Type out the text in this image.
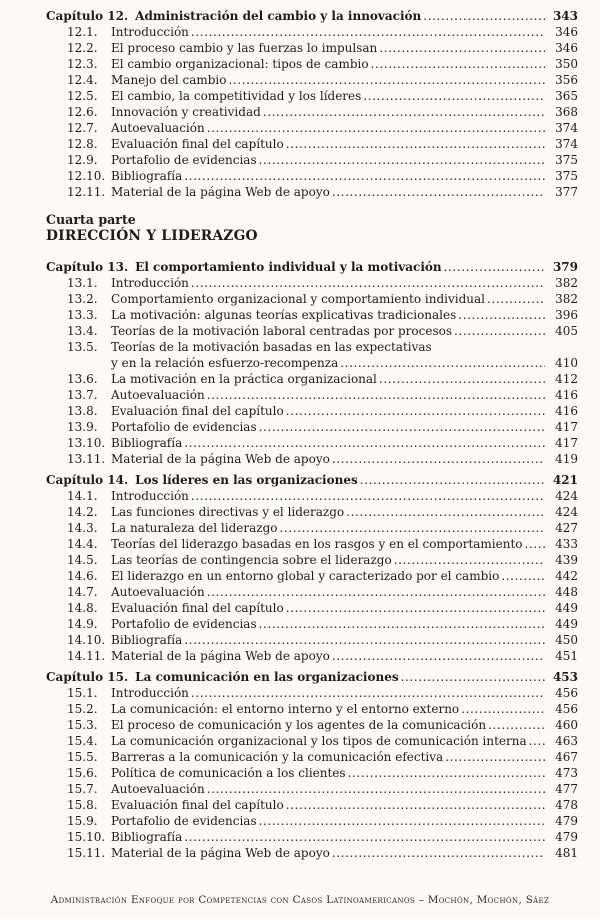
Capítulo 12. Administración del cambio y la innovación .....	343
12.1.	Introducción .....	346
12.2.	El proceso cambio y las fuerzas lo impulsan .....	346
12.3.	El cambio organizacional: tipos de cambio .....	350
12.4.	Manejo del cambio .....	356
12.5.	El cambio, la competitividad y los líderes .....	365
12.6.	Innovación y creatividad .....	368
12.7.	Autoevaluación .....	374
12.8.	Evaluación final del capítulo .....	374
12.9.	Portafolio de evidencias .....	375
12.10. Bibliografía .....	375
12.11. Material de la página Web de apoyo .....	377
Cuarta parte
DIRECCIÓN Y LIDERAZGO
Capítulo 13. El comportamiento individual y la motivación .....	379
13.1.	Introducción .....	382
13.2.	Comportamiento organizacional y comportamiento individual .....	382
13.3.	La motivación: algunas teorías explicativas tradicionales .....	396
13.4.	Teorías de la motivación laboral centradas por procesos .....	405
13.5.	Teorías de la motivación basadas en las expectativas
y en la relación esfuerzo-recompenza .....	410
13.6.	La motivación en la práctica organizacional .....	412
13.7.	Autoevaluación .....	416
13.8.	Evaluación final del capítulo .....	416
13.9.	Portafolio de evidencias .....	417
13.10. Bibliografía .....	417
13.11. Material de la página Web de apoyo .....	419
Capítulo 14. Los líderes en las organizaciones .....	421
14.1.	Introducción .....	424
14.2.	Las funciones directivas y el liderazgo .....	424
14.3.	La naturaleza del liderazgo .....	427
14.4.	Teorías del liderazgo basadas en los rasgos y en el comportamiento .....	433
14.5.	Las teorías de contingencia sobre el liderazgo .....	439
14.6.	El liderazgo en un entorno global y caracterizado por el cambio .....	442
14.7.	Autoevaluación .....	448
14.8.	Evaluación final del capítulo .....	449
14.9.	Portafolio de evidencias .....	449
14.10. Bibliografía .....	450
14.11. Material de la página Web de apoyo .....	451
Capítulo 15. La comunicación en las organizaciones .....	453
15.1.	Introducción .....	456
15.2.	La comunicación: el entorno interno y el entorno externo .....	456
15.3.	El proceso de comunicación y los agentes de la comunicación .....	460
15.4.	La comunicación organizacional y los tipos de comunicación interna .....	463
15.5.	Barreras a la comunicación y la comunicación efectiva .....	467
15.6.	Política de comunicación a los clientes .....	473
15.7.	Autoevaluación .....	477
15.8.	Evaluación final del capítulo .....	478
15.9.	Portafolio de evidencias .....	479
15.10. Bibliografía .....	479
15.11. Material de la página Web de apoyo .....	481
Administración Enfoque por Competencias con Casos Latinoamericanos – Mochón, Mochón, Sáez
